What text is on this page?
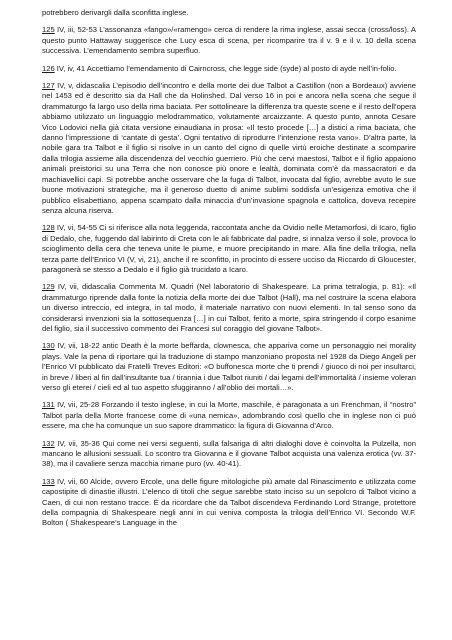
potrebbero derivargli dalla sconfitta inglese.

125 IV, iii, 52-53 L’assonanza «fango»/«ramengo» cerca di rendere la rima inglese, assai secca (cross/loss). A questo punto Hattaway suggerisce che Lucy esca di scena, per ricomparire tra il v. 9 e il v. 10 della scena successiva. L’emendamento sembra superfluo.

126 IV, iv, 41 Accettiamo l’emendamento di Cairncross, che legge side (syde) al posto di ayde nell’in-folio.

127 IV, v, didascalia L’episodio dell’incontro e della morte dei due Talbot a Castillon (non a Bordeaux) avviene nel 1453 ed è descritto sia da Hall che da Holinshed. Dal verso 16 in poi e ancora nella scena che segue il drammaturgo fa largo uso della rima baciata. Per sottolineare la differenza tra queste scene e il resto dell’opera abbiamo utilizzato un linguaggio melodrammatico, volutamente arcaizzante. A questo punto, annota Cesare Vico Lodovici nella già citata versione einaudiana in prosa: «Il testo procede […] a distici a rima baciata, che danno l’impressione di ‘cantate di gesta’. Ogni tentativo di riprodurre l’intenzione resta vano». D’altra parte, la nobile gara tra Talbot e il figlio si risolve in un canto del cigno di quelle virtù eroiche destinate a scomparire dalla trilogia assieme alla discendenza del vecchio guerriero. Più che cervi maestosi, Talbot e il figlio appaiono animali preistorici su una Terra che non conosce più onore e lealtà, dominata com’è da massacratori e da machiavellici capi. Si potrebbe anche osservare che la fuga di Talbot, invocata dal figlio, avrebbe avuto le sue buone motivazioni strategiche, ma il generoso duetto di anime sublimi soddisfa un’esigenza emotiva che il pubblico elisabettiano, appena scampato dalla minaccia d’un’invasione spagnola e cattolica, doveva recepire senza alcuna riserva.

128 IV, vi, 54-55 Ci si riferisce alla nota leggenda, raccontata anche da Ovidio nelle Metamorfosi, di Icaro, figlio di Dedalo, che, fuggendo dal labirinto di Creta con le ali fabbricate dal padre, si innalza verso il sole, provoca lo scioglimento della cera che teneva unite le piume, e muore precipitando in mare. Alla fine della trilogia, nella terza parte dell’Enrico VI (V, vi, 21), anche il re sconfitto, in procinto di essere ucciso da Riccardo di Gloucester, paragonerà se stesso a Dedalo e il figlio già trucidato a Icaro.

129 IV, vii, didascalia Commenta M. Quadri (Nel laboratorio di Shakespeare. La prima tetralogia, p. 81): «Il drammaturgo riprende dalla fonte la notizia della morte dei due Talbot (Hall), ma nel costruire la scena elabora un diverso intreccio, ed integra, in tal modo, il materiale narrativo con nuovi elementi. In tal senso sono da considerarsi invenzioni sia la sottosequenza […] in cui Talbot, ferito a morte, spira stringendo il corpo esanime del figlio, sia il successivo commento dei Francesi sul coraggio del giovane Talbot».

130 IV, vii, 18-22 antic Death è la morte beffarda, clownesca, che appariva come un personaggio nei morality plays. Vale la pena di riportare qui la traduzione di stampo manzoniano proposta nel 1928 da Diego Angeli per l’Enrico VI pubblicato dai Fratelli Treves Editori: «O buffonesca morte che ti prendi / giuoco di noi per insultarci, in breve / liberi al fin dall’insultante tua / tirannia i due Talbot riuniti / dai legami dell’immortalità / insieme voleran verso gli eterei / cieli ed al tuo aspetto sfuggiranno / all’oblio dei mortali…».

131 IV, vii, 25-28 Forzando il testo inglese, in cui la Morte, maschile, è paragonata a un Frenchman, il “nostro” Talbot parla della Morte francese come di «una nemica», adombrando così quello che in inglese non ci può essere, ma che ha comunque un suo sapore drammatico: la figura di Giovanna d’Arco.

132 IV, vii, 35-36 Qui come nei versi seguenti, sulla falsariga di altri dialoghi dove è coinvolta la Pulzella, non mancano le allusioni sessuali. Lo scontro tra Giovanna e il giovane Talbot acquista una valenza erotica (vv. 37-38), ma il cavaliere senza macchia rimane puro (vv. 40-41).

133 IV, vii, 60 Alcide, ovvero Ercole, una delle figure mitologiche più amate dal Rinascimento e utilizzata come capostipite di dinastie illustri. L’elenco di titoli che segue sarebbe stato inciso su un sepolcro di Talbot vicino a Caen, di cui non restano tracce. È da ricordare che da Talbot discendeva Ferdinando Lord Strange, protettore della compagnia di Shakespeare negli anni in cui veniva composta la trilogia dell’Enrico VI. Secondo W.F. Bolton ( Shakespeare’s Language in the
